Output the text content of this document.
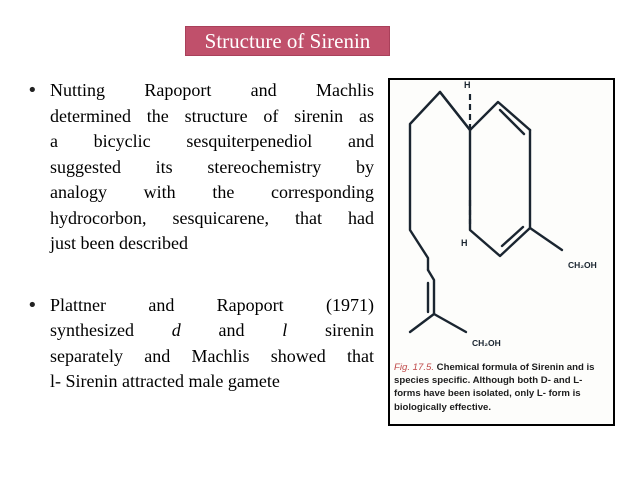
Structure of Sirenin
• Nutting Rapoport and Machlis
determined the structure of sirenin as
a bicyclic sesquiterpenediol and
suggested its stereochemistry by
analogy with the corresponding
hydrocorbon, sesquicarene, that had
just been described

• Plattner and Rapoport (1971)
synthesized d and l sirenin
separately and Machlis showed that
l- Sirenin attracted male gamete

H
H
CH₂OH
CH₂OH
Fig. 17.5. Chemical formula of Sirenin and is species specific. Although both D- and L- forms have been isolated, only L- form is biologically effective.
